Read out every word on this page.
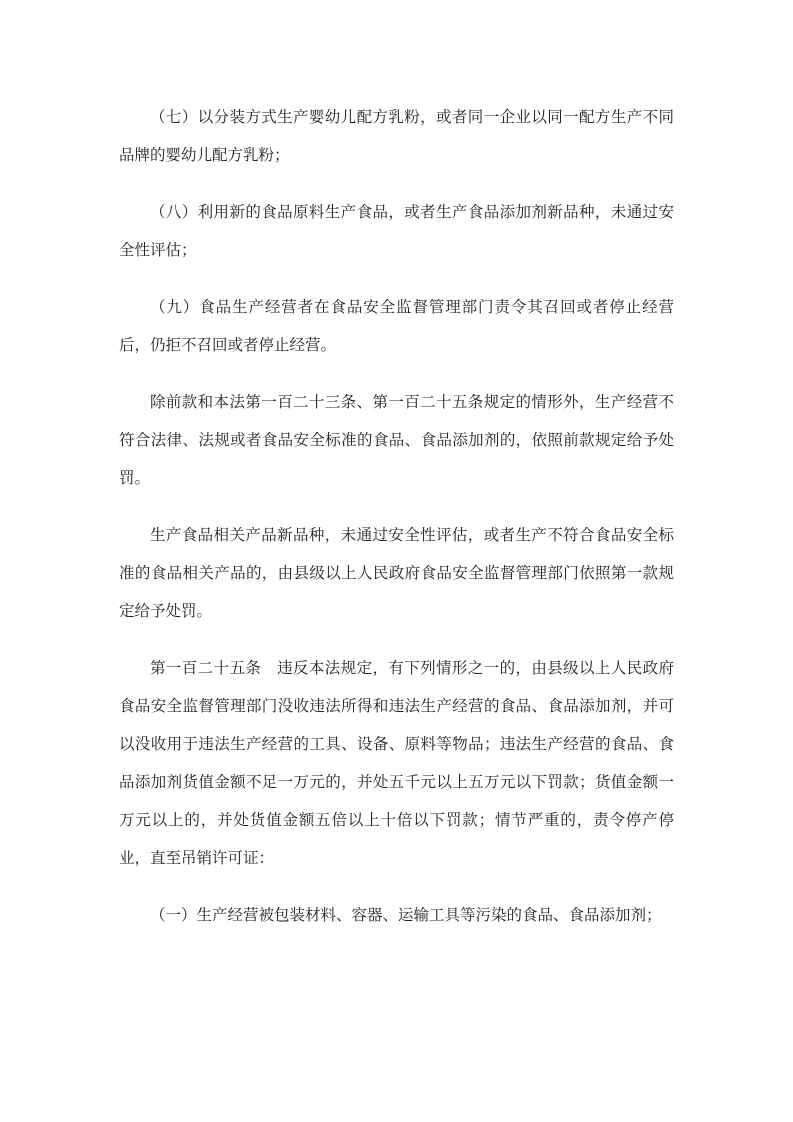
（七）以分装方式生产婴幼儿配方乳粉，或者同一企业以同一配方生产不同品牌的婴幼儿配方乳粉；

（八）利用新的食品原料生产食品，或者生产食品添加剂新品种，未通过安全性评估；

（九）食品生产经营者在食品安全监督管理部门责令其召回或者停止经营后，仍拒不召回或者停止经营。

除前款和本法第一百二十三条、第一百二十五条规定的情形外，生产经营不符合法律、法规或者食品安全标准的食品、食品添加剂的，依照前款规定给予处罚。

生产食品相关产品新品种，未通过安全性评估，或者生产不符合食品安全标准的食品相关产品的，由县级以上人民政府食品安全监督管理部门依照第一款规定给予处罚。

第一百二十五条　违反本法规定，有下列情形之一的，由县级以上人民政府食品安全监督管理部门没收违法所得和违法生产经营的食品、食品添加剂，并可以没收用于违法生产经营的工具、设备、原料等物品；违法生产经营的食品、食品添加剂货值金额不足一万元的，并处五千元以上五万元以下罚款；货值金额一万元以上的，并处货值金额五倍以上十倍以下罚款；情节严重的，责令停产停业，直至吊销许可证：

（一）生产经营被包装材料、容器、运输工具等污染的食品、食品添加剂；
